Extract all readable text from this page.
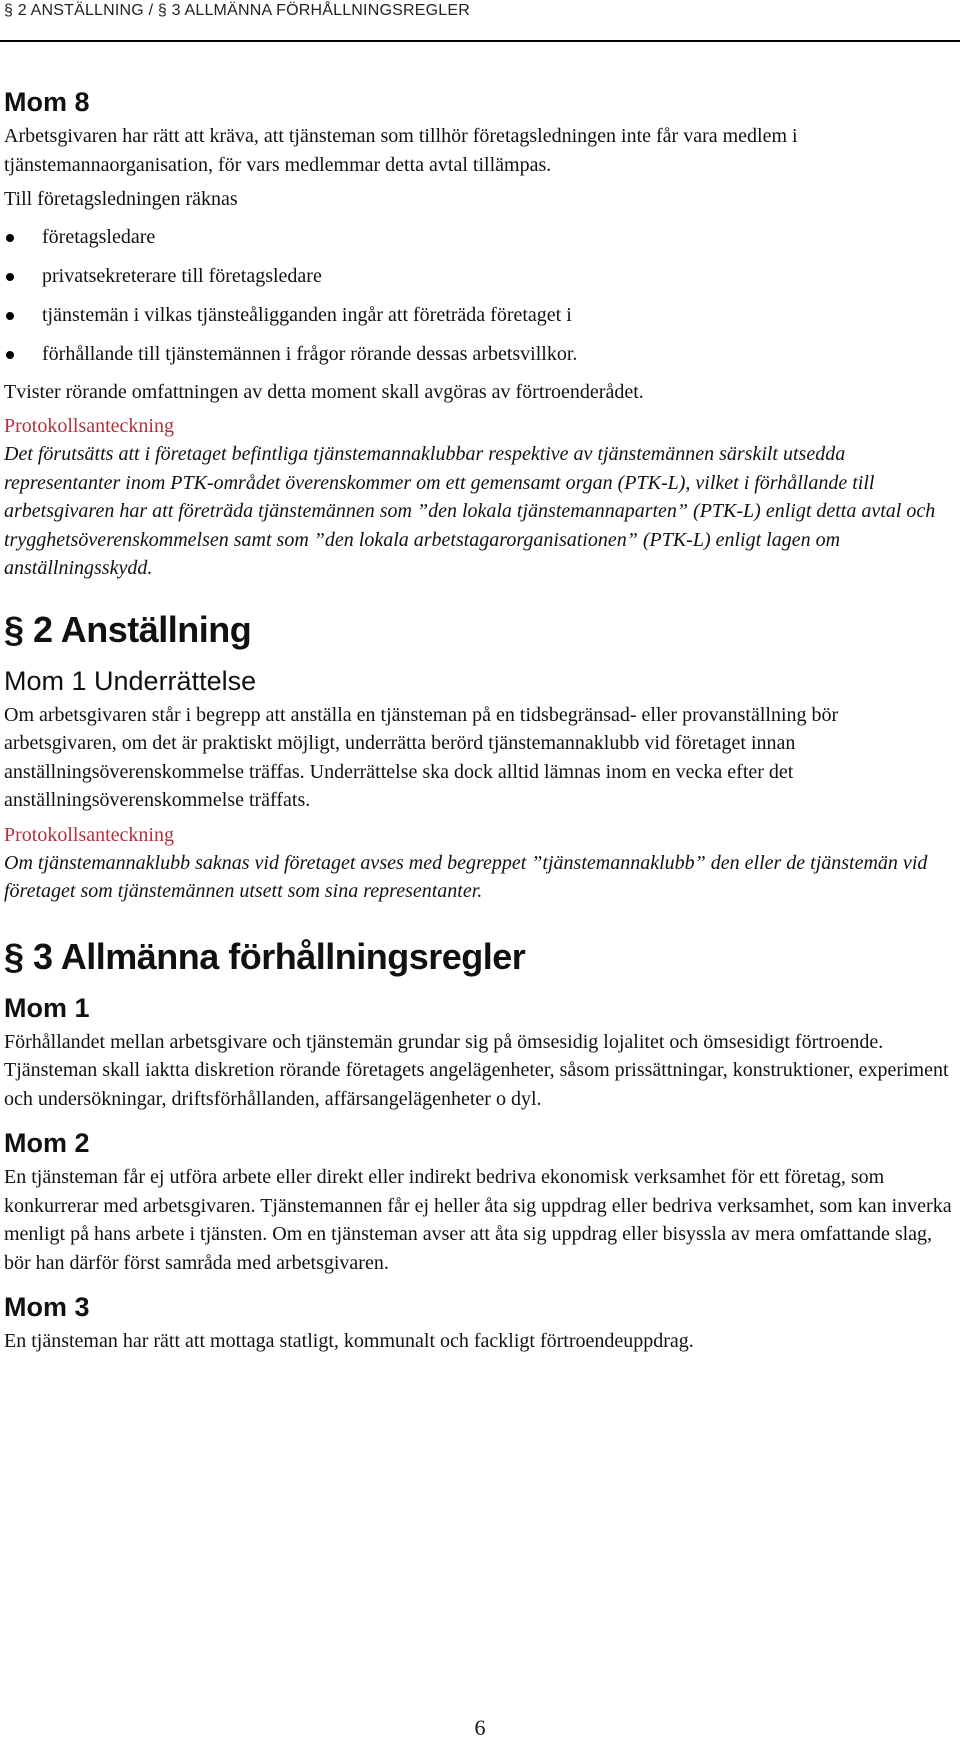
§ 2 ANSTÄLLNING / § 3 ALLMÄNNA FÖRHÅLLNINGSREGLER
Mom 8

Arbetsgivaren har rätt att kräva, att tjänsteman som tillhör företagsledningen inte får vara medlem i tjänstemannaorganisation, för vars medlemmar detta avtal tillämpas.

Till företagsledningen räknas

företagsledare
privatsekreterare till företagsledare
tjänstemän i vilkas tjänsteåligganden ingår att företräda företaget i
förhållande till tjänstemännen i frågor rörande dessas arbetsvillkor.

Tvister rörande omfattningen av detta moment skall avgöras av förtroenderådet.

Protokollsanteckning

Det förutsätts att i företaget befintliga tjänstemannaklubbar respektive av tjänstemännen särskilt utsedda representanter inom PTK-området överenskommer om ett gemensamt organ (PTK-L), vilket i förhållande till arbetsgivaren har att företräda tjänstemännen som ”den lokala tjänstemannaparten” (PTK-L) enligt detta avtal och trygghetsöverenskommelsen samt som ”den lokala arbetstagarorganisationen” (PTK-L) enligt lagen om anställningsskydd.

§ 2 Anställning
Mom 1 Underrättelse

Om arbetsgivaren står i begrepp att anställa en tjänsteman på en tidsbegränsad- eller provanställning bör arbetsgivaren, om det är praktiskt möjligt, underrätta berörd tjänstemannaklubb vid företaget innan anställningsöverenskommelse träffas. Underrättelse ska dock alltid lämnas inom en vecka efter det anställningsöverenskommelse träffats.

Protokollsanteckning

Om tjänstemannaklubb saknas vid företaget avses med begreppet ”tjänstemannaklubb” den eller de tjänstemän vid företaget som tjänstemännen utsett som sina representanter.

§ 3 Allmänna förhållningsregler
Mom 1

Förhållandet mellan arbetsgivare och tjänstemän grundar sig på ömsesidig lojalitet och ömsesidigt förtroende. Tjänsteman skall iaktta diskretion rörande företagets angelägenheter, såsom prissättningar, konstruktioner, experiment och undersökningar, driftsförhållanden, affärsangelägenheter o dyl.

Mom 2

En tjänsteman får ej utföra arbete eller direkt eller indirekt bedriva ekonomisk verksamhet för ett företag, som konkurrerar med arbetsgivaren. Tjänstemannen får ej heller åta sig uppdrag eller bedriva verksamhet, som kan inverka menligt på hans arbete i tjänsten. Om en tjänsteman avser att åta sig uppdrag eller bisyssla av mera omfattande slag, bör han därför först samråda med arbetsgivaren.

Mom 3

En tjänsteman har rätt att mottaga statligt, kommunalt och fackligt förtroendeuppdrag.

6
